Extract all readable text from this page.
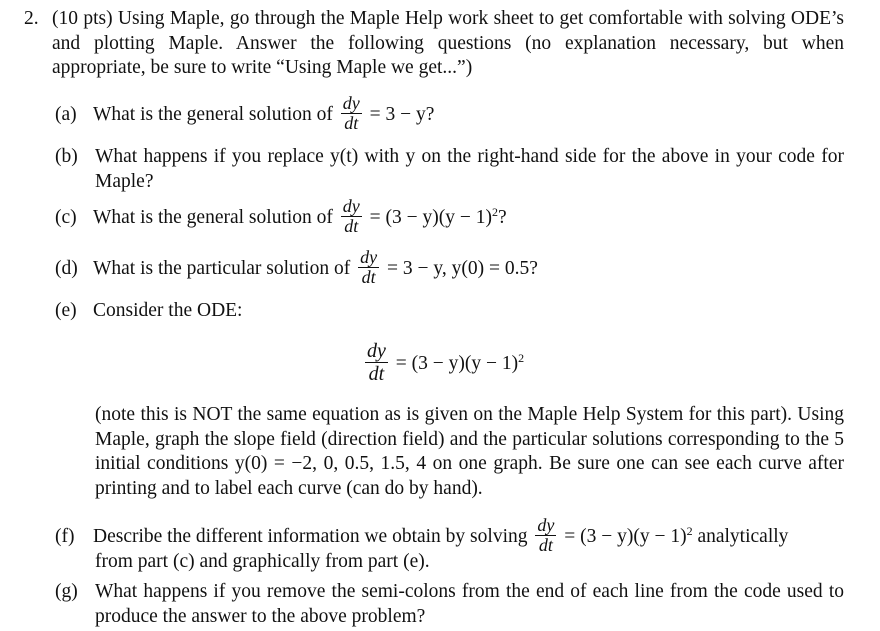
2. (10 pts) Using Maple, go through the Maple Help work sheet to get comfortable with solving ODE’s and plotting Maple. Answer the following questions (no explanation necessary, but when appropriate, be sure to write “Using Maple we get...”)
(a) What is the general solution of $\frac{dy}{dt} = 3 - y$?
(b) What happens if you replace y(t) with y on the right-hand side for the above in your code for Maple?
(c) What is the general solution of $\frac{dy}{dt} = (3 - y)(y - 1)^2$?
(d) What is the particular solution of $\frac{dy}{dt} = 3 - y$, y(0) = 0.5?
(e) Consider the ODE:
$\frac{dy}{dt} = (3 - y)(y - 1)^2$
(note this is NOT the same equation as is given on the Maple Help System for this part). Using Maple, graph the slope field (direction field) and the particular solutions corresponding to the 5 initial conditions y(0) = −2, 0, 0.5, 1.5, 4 on one graph. Be sure one can see each curve after printing and to label each curve (can do by hand).
(f) Describe the different information we obtain by solving $\frac{dy}{dt} = (3 - y)(y - 1)^2$ analytically
from part (c) and graphically from part (e).
(g) What happens if you remove the semi-colons from the end of each line from the code used to produce the answer to the above problem?
